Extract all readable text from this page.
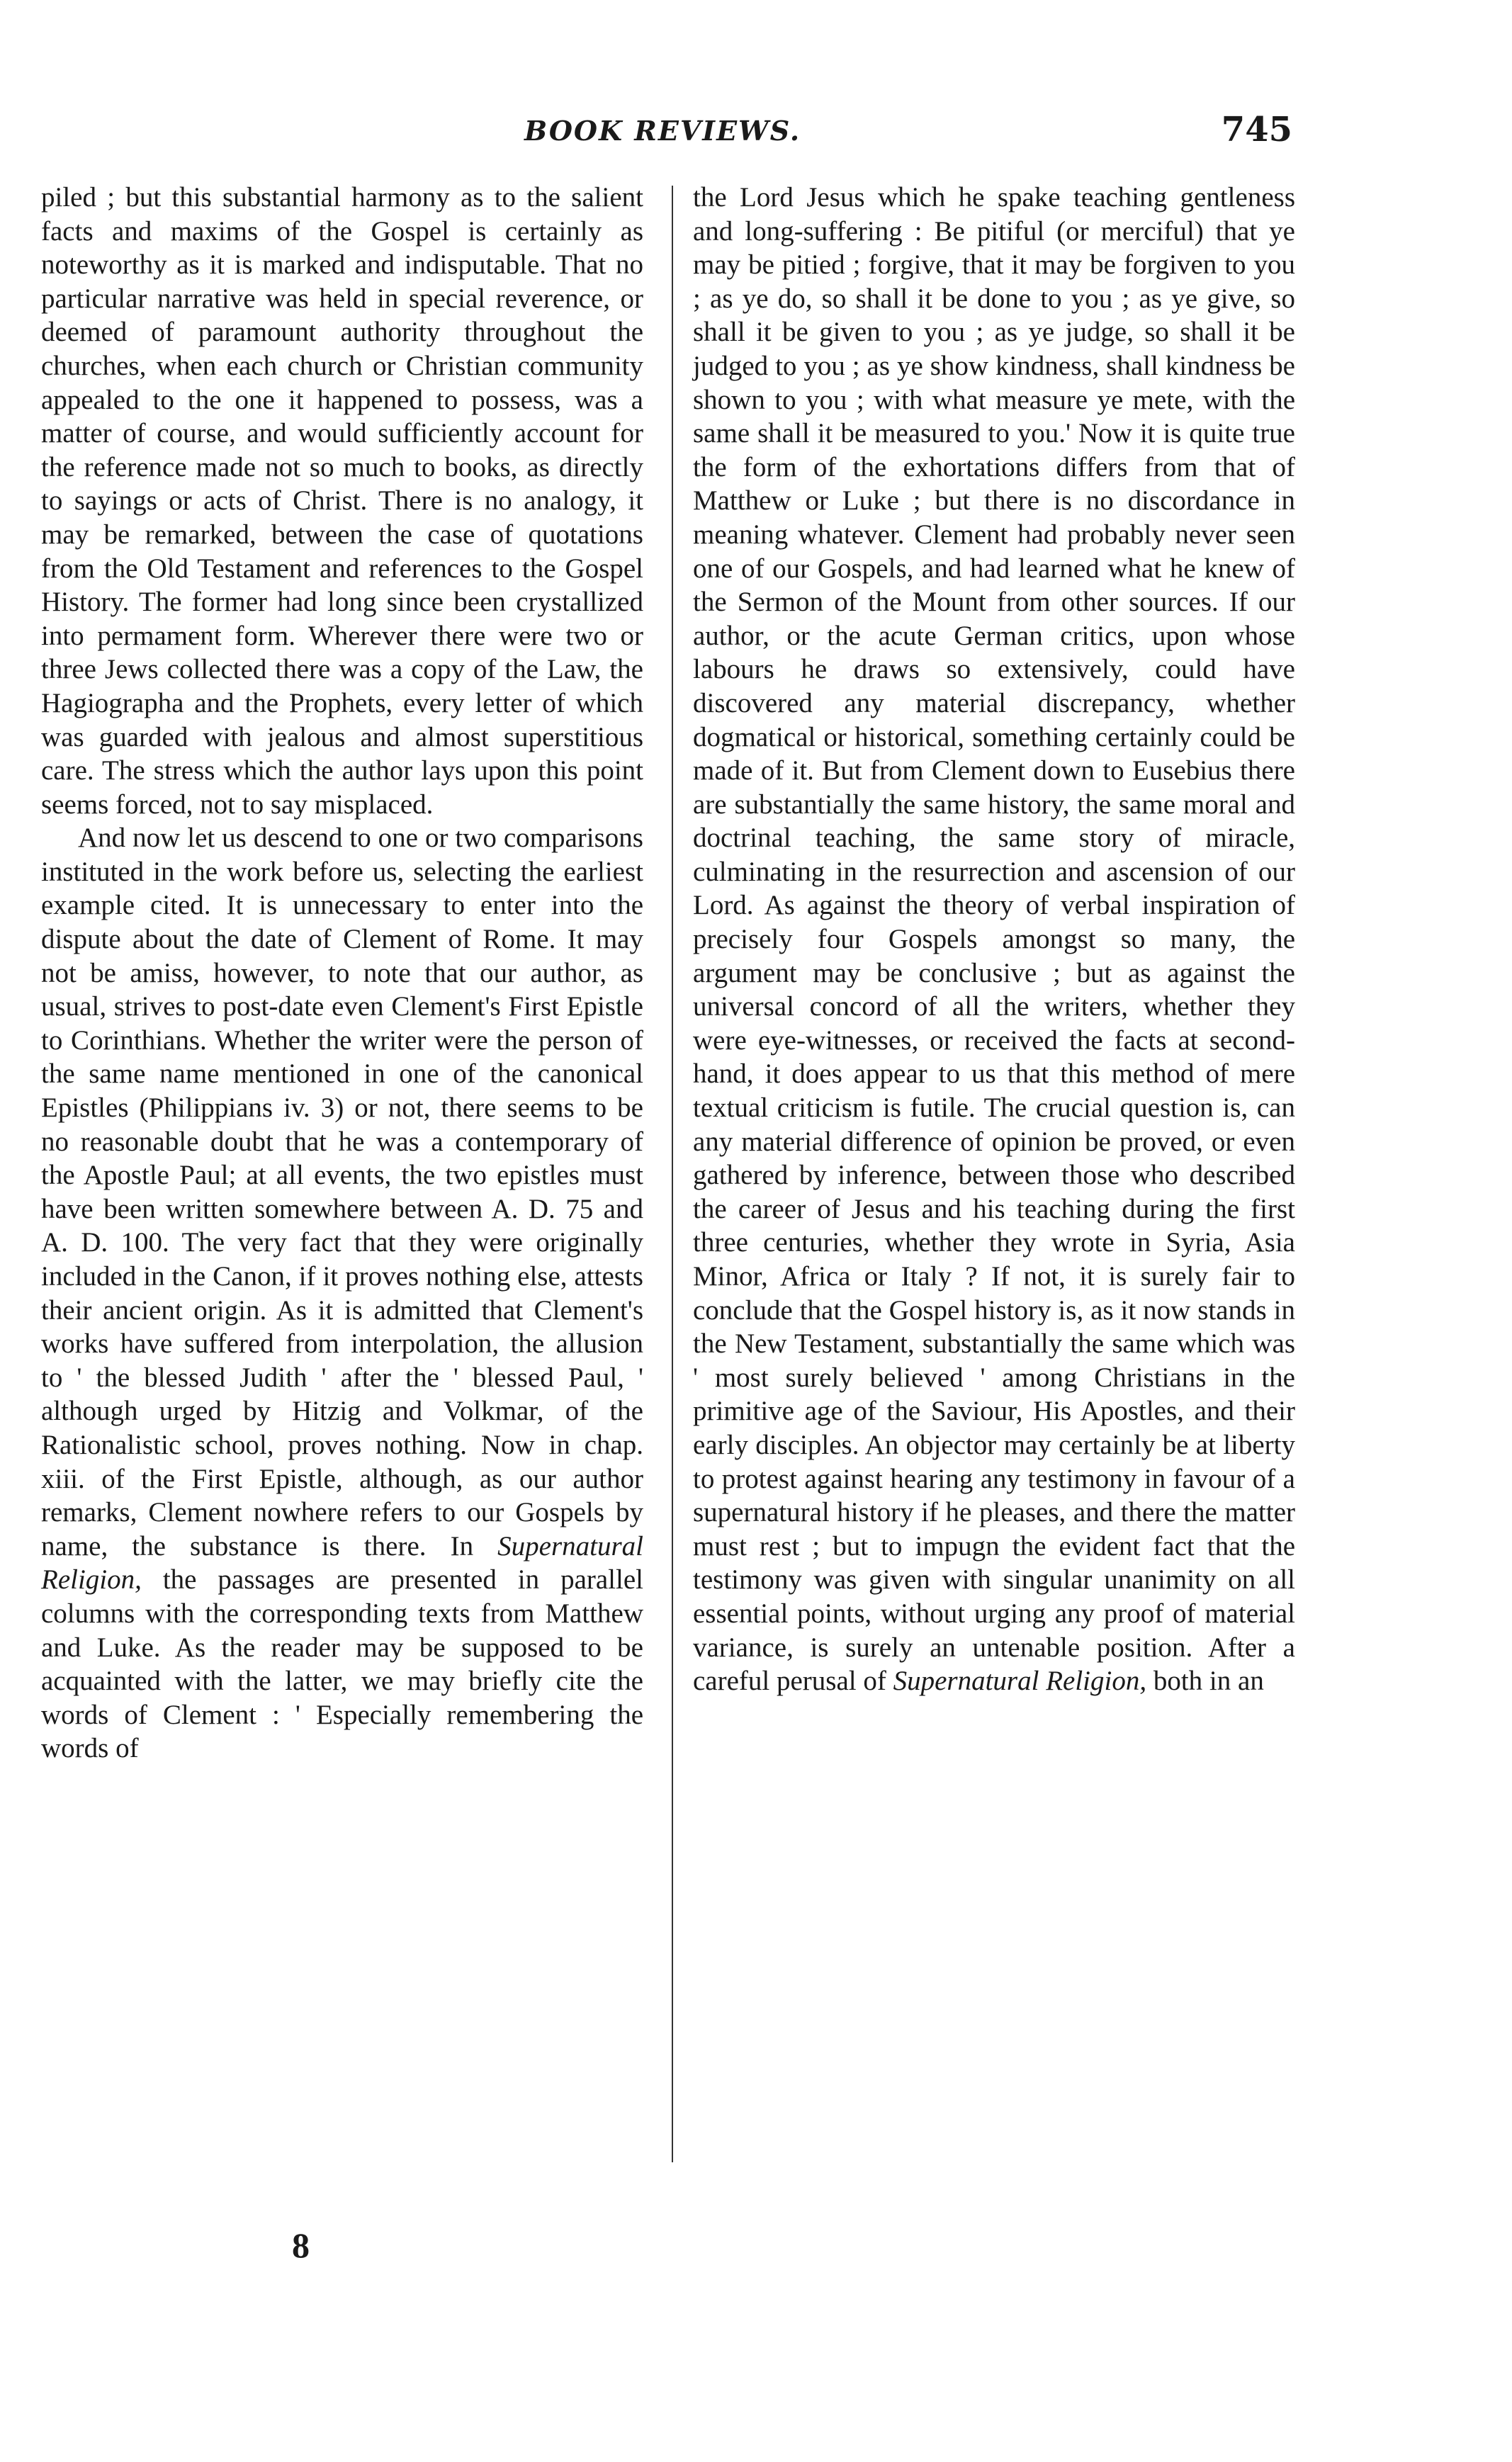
BOOK REVIEWS.	745

piled ; but this substantial harmony as to the salient facts and maxims of the Gospel is certainly as noteworthy as it is marked and indisputable. That no particular narrative was held in special reverence, or deemed of paramount authority throughout the churches, when each church or Christian community appealed to the one it happened to possess, was a matter of course, and would sufficiently account for the reference made not so much to books, as directly to sayings or acts of Christ. There is no analogy, it may be remarked, between the case of quotations from the Old Testament and references to the Gospel History. The former had long since been crystallized into permament form. Wherever there were two or three Jews collected there was a copy of the Law, the Hagiographa and the Prophets, every letter of which was guarded with jealous and almost superstitious care. The stress which the author lays upon this point seems forced, not to say misplaced.

And now let us descend to one or two comparisons instituted in the work before us, selecting the earliest example cited. It is unnecessary to enter into the dispute about the date of Clement of Rome. It may not be amiss, however, to note that our author, as usual, strives to post-date even Clement's First Epistle to Corinthians. Whether the writer were the person of the same name mentioned in one of the canonical Epistles (Philippians iv. 3) or not, there seems to be no reasonable doubt that he was a contemporary of the Apostle Paul; at all events, the two epistles must have been written somewhere between A. D. 75 and A. D. 100. The very fact that they were originally included in the Canon, if it proves nothing else, attests their ancient origin. As it is admitted that Clement's works have suffered from interpolation, the allusion to ' the blessed Judith ' after the ' blessed Paul, ' although urged by Hitzig and Volkmar, of the Rationalistic school, proves nothing. Now in chap. xiii. of the First Epistle, although, as our author remarks, Clement nowhere refers to our Gospels by name, the substance is there. In Supernatural Religion, the passages are presented in parallel columns with the corresponding texts from Matthew and Luke. As the reader may be supposed to be acquainted with the latter, we may briefly cite the words of Clement : ' Especially remembering the words of

the Lord Jesus which he spake teaching gentleness and long-suffering : Be pitiful (or merciful) that ye may be pitied ; forgive, that it may be forgiven to you ; as ye do, so shall it be done to you ; as ye give, so shall it be given to you ; as ye judge, so shall it be judged to you ; as ye show kindness, shall kindness be shown to you ; with what measure ye mete, with the same shall it be measured to you.' Now it is quite true the form of the exhortations differs from that of Matthew or Luke ; but there is no discordance in meaning whatever. Clement had probably never seen one of our Gospels, and had learned what he knew of the Sermon of the Mount from other sources. If our author, or the acute German critics, upon whose labours he draws so extensively, could have discovered any material discrepancy, whether dogmatical or historical, something certainly could be made of it. But from Clement down to Eusebius there are substantially the same history, the same moral and doctrinal teaching, the same story of miracle, culminating in the resurrection and ascension of our Lord. As against the theory of verbal inspiration of precisely four Gospels amongst so many, the argument may be conclusive ; but as against the universal concord of all the writers, whether they were eye-witnesses, or received the facts at second-hand, it does appear to us that this method of mere textual criticism is futile. The crucial question is, can any material difference of opinion be proved, or even gathered by inference, between those who described the career of Jesus and his teaching during the first three centuries, whether they wrote in Syria, Asia Minor, Africa or Italy ? If not, it is surely fair to conclude that the Gospel history is, as it now stands in the New Testament, substantially the same which was ' most surely believed ' among Christians in the primitive age of the Saviour, His Apostles, and their early disciples. An objector may certainly be at liberty to protest against hearing any testimony in favour of a supernatural history if he pleases, and there the matter must rest ; but to impugn the evident fact that the testimony was given with singular unanimity on all essential points, without urging any proof of material variance, is surely an untenable position. After a careful perusal of Supernatural Religion, both in an

8
